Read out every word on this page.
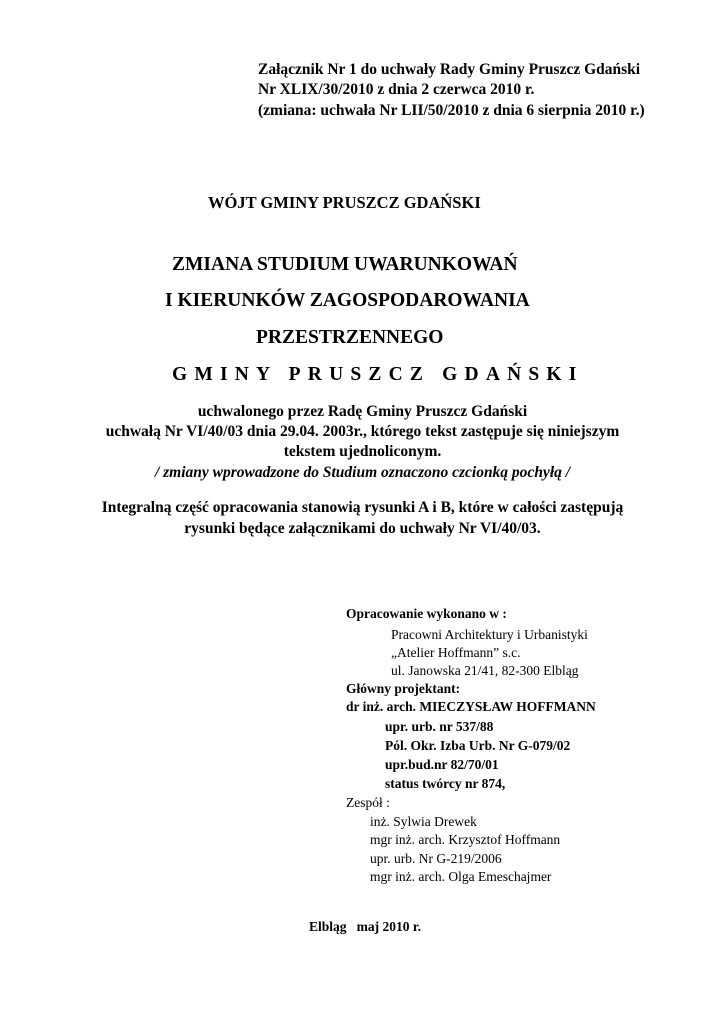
Załącznik Nr 1 do uchwały Rady Gminy Pruszcz Gdański
Nr XLIX/30/2010 z dnia 2 czerwca 2010 r.
(zmiana: uchwała Nr LII/50/2010 z dnia 6 sierpnia 2010 r.)
WÓJT GMINY PRUSZCZ GDAŃSKI
ZMIANA STUDIUM UWARUNKOWAŃ
I KIERUNKÓW ZAGOSPODAROWANIA
PRZESTRZENNEGO
GMINY PRUSZCZ GDAŃSKI
uchwalonego przez Radę Gminy Pruszcz Gdański
uchwałą Nr VI/40/03 dnia 29.04. 2003r., którego tekst zastępuje się niniejszym
tekstem ujednoliconym.
/ zmiany wprowadzone do Studium oznaczono czcionką pochyłą /
Integralną część opracowania stanowią rysunki A i B, które w całości zastępują
rysunki będące załącznikami do uchwały Nr VI/40/03.
Opracowanie wykonano w :
Pracowni Architektury i Urbanistyki
„Atelier Hoffmann” s.c.
ul. Janowska 21/41, 82-300 Elbląg
Główny projektant:
dr inż. arch. MIECZYSŁAW HOFFMANN
upr. urb. nr 537/88
Pól. Okr. Izba Urb. Nr G-079/02
upr.bud.nr 82/70/01
status twórcy nr 874,
Zespół :
inż. Sylwia Drewek
mgr inż. arch. Krzysztof Hoffmann
upr. urb. Nr G-219/2006
mgr inż. arch. Olga Emeschajmer
Elbląg   maj 2010 r.
